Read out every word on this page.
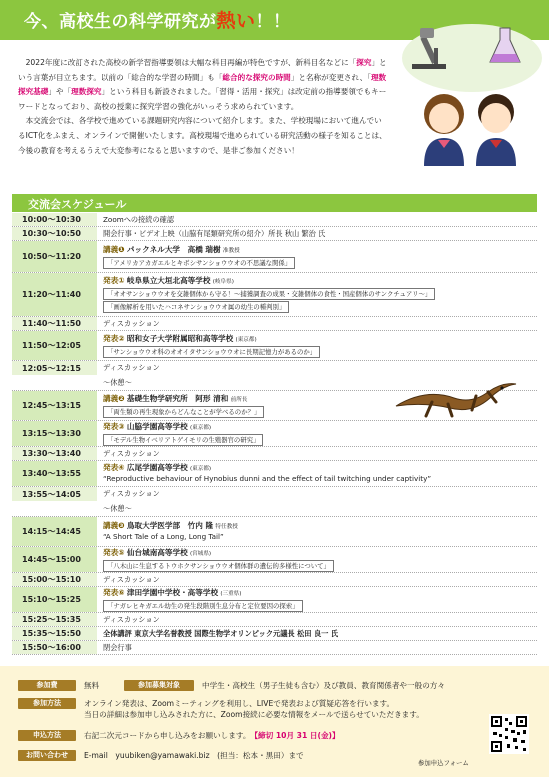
今、高校生の科学研究が熱い！！

2022年度に改訂された高校の新学習指導要領は大幅な科目再編が特色ですが、新科目名などに「探究」という言葉が目立ちます。以前の「総合的な学習の時間」も「総合的な探究の時間」と名称が変更され、「理数探究基礎」や「理数探究」という科目も新設されました。「習得・活用・探究」は改定前の指導要領でもキーワードとなっており、高校の授業に探究学習の強化がいっそう求められています。

本交流会では、各学校で進めている課題研究内容について紹介します。また、学校現場において進んでいるICT化をふまえ、オンラインで開催いたします。高校現場で進められている研究活動の様子を知ることは、今後の教育を考えるうえで大変参考になると思いますので、是非ご参加ください！

交流会スケジュール
10:00～10:30	Zoomへの接続の確認
10:30～10:50	開会行事・ビデオ上映（山脇有尾類研究所の紹介）所長 秋山 繁治 氏
10:50～11:20
講義❶ パックネル大学　高橋 瑞樹 准教授
「アメリカアカガエルとキボシサンショウウオの不思議な関係」
11:20～11:40
発表① 岐阜県立大垣北高等学校 (岐阜県)
「オオサンショウウオを交雑個体から守る！～捕獲調査の成果・交雑個体の食性・国産個体のサンクチュアリ～」
「画像解析を用いたハコネサンショウウオ属の幼生の種判別」
11:40～11:50	ディスカッション
11:50～12:05
発表② 昭和女子大学附属昭和高等学校 (東京都)
「サンショウウオ科のオオイタサンショウウオに長期記憶力があるのか」
12:05～12:15	ディスカッション
～休憩～
12:45～13:15
講義❷ 基礎生物学研究所　阿形 清和 前所長
「両生類の再生現象からどんなことが学べるのか？」
13:15～13:30
発表③ 山脇学園高等学校 (東京都)
「モデル生物イベリアトゲイモリの生殖器官の研究」
13:30～13:40	ディスカッション
13:40～13:55
発表④ 広尾学園高等学校 (東京都)
“Reproductive behaviour of Hynobius dunni and the effect of tail twitching under captivity”
13:55～14:05	ディスカッション
～休憩～
14:15～14:45
講義❸ 鳥取大学医学部　竹内 隆 特任教授
“A Short Tale of a Long, Long Tail”
14:45～15:00
発表⑤ 仙台城南高等学校 (宮城県)
「八木山に生息するトウホクサンショウウオ個体群の遺伝的多様性について」
15:00～15:10	ディスカッション
15:10～15:25
発表⑥ 津田学園中学校・高等学校 (三重県)
「ナガレヒキガエル幼生の発生段階別生息分布と定位要因の探索」
15:25～15:35	ディスカッション
15:35～15:50	全体講評 東京大学名誉教授 国際生物学オリンピック元議長 松田 良一 氏
15:50～16:00	閉会行事
参加費	無料	参加募集対象	中学生・高校生（男子生徒も含む）及び教員、教育関係者や一般の方々
参加方法	オンライン発表は、Zoomミーティングを利用し、LIVEで発表および質疑応答を行います。
当日の詳細は参加申し込みされた方に、Zoom接続に必要な情報をメールで送らせていただきます。
申込方法	右記二次元コードから申し込みをお願いします。 【締切 10月 31 日(金)】
お問い合わせ	E-mail　yuubiken@yamawaki.biz　(担当：松本・黒田）まで
参加申込フォーム
